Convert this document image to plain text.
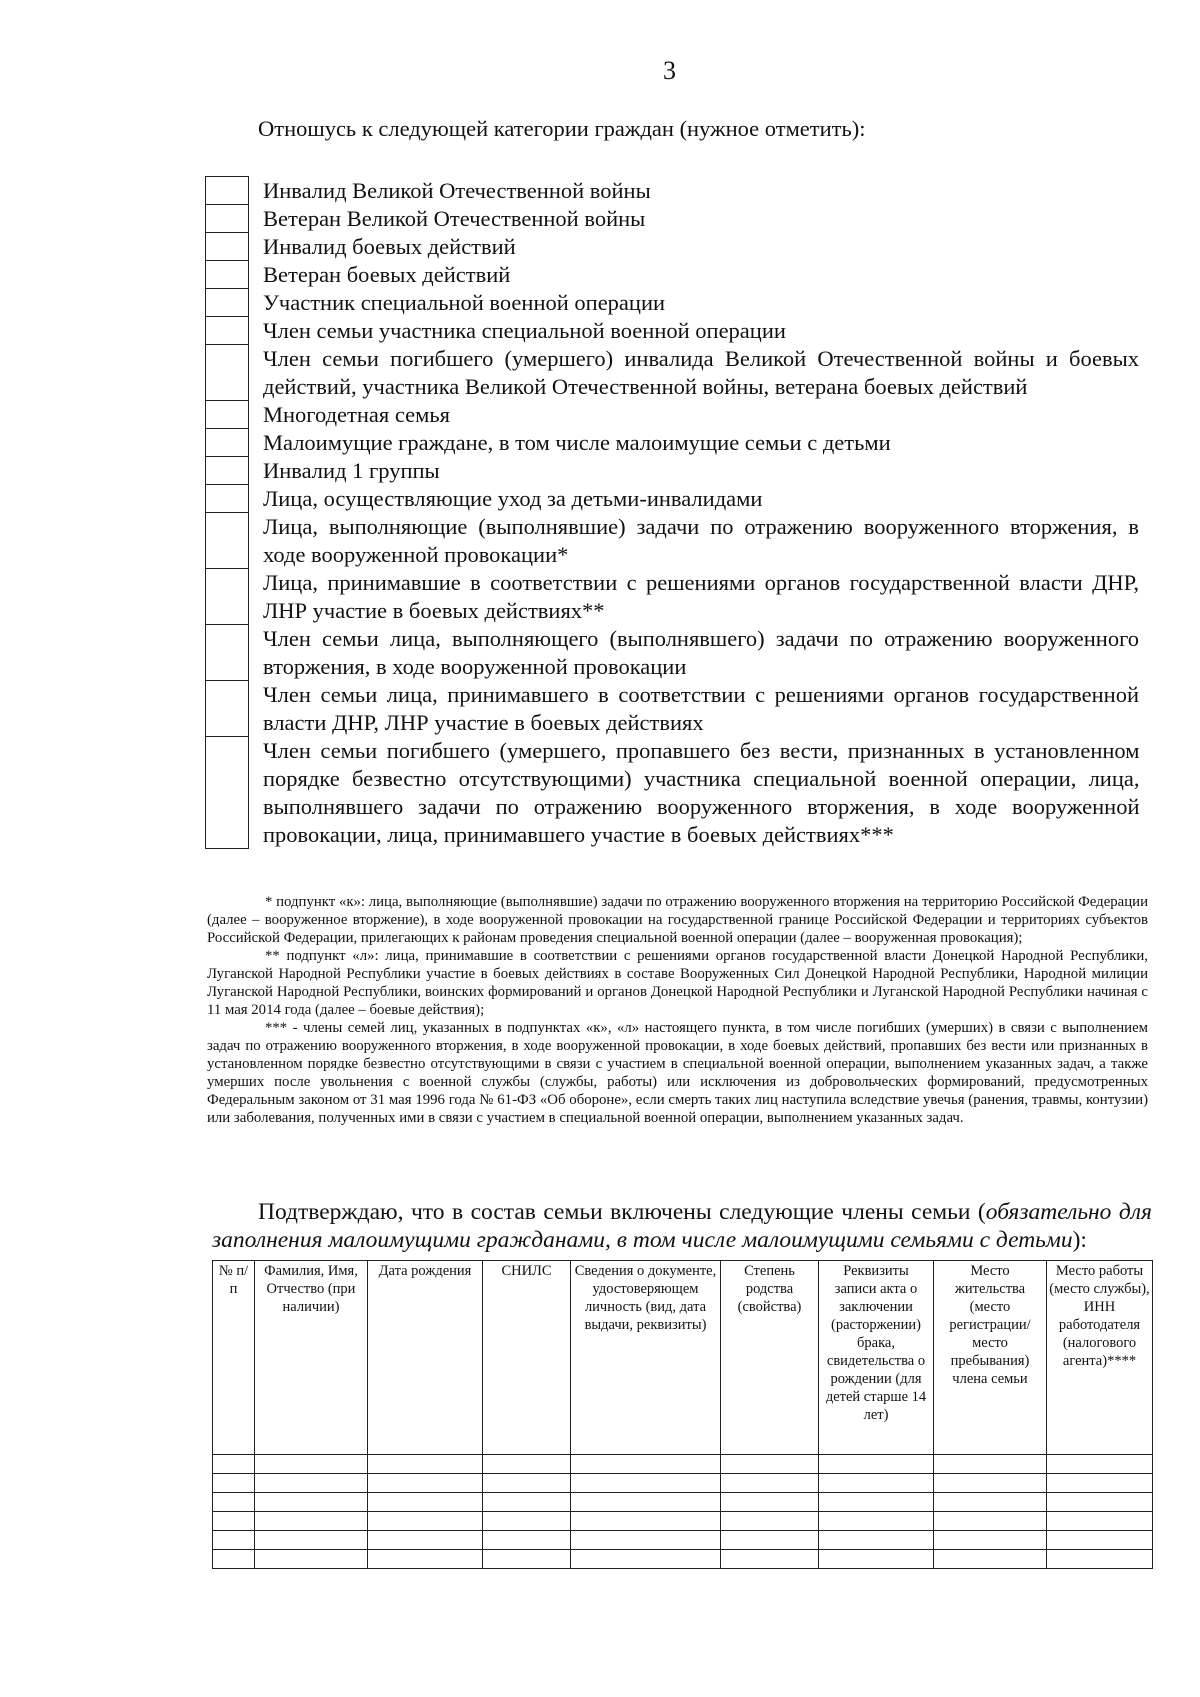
3
Отношусь к следующей категории граждан (нужное отметить):
	Инвалид Великой Отечественной войны
	Ветеран Великой Отечественной войны
	Инвалид боевых действий
	Ветеран боевых действий
	Участник специальной военной операции
	Член семьи участника специальной военной операции
	Член семьи погибшего (умершего) инвалида Великой Отечественной войны и боевых действий, участника Великой Отечественной войны, ветерана боевых действий
	Многодетная семья
	Малоимущие граждане, в том числе малоимущие семьи с детьми
	Инвалид 1 группы
	Лица, осуществляющие уход за детьми-инвалидами
	Лица, выполняющие (выполнявшие) задачи по отражению вооруженного вторжения, в ходе вооруженной провокации*
	Лица, принимавшие в соответствии с решениями органов государственной власти ДНР, ЛНР участие в боевых действиях**
	Член семьи лица, выполняющего (выполнявшего) задачи по отражению вооруженного вторжения, в ходе вооруженной провокации
	Член семьи лица, принимавшего в соответствии с решениями органов государственной власти ДНР, ЛНР участие в боевых действиях
	Член семьи погибшего (умершего, пропавшего без вести, признанных в установленном порядке безвестно отсутствующими) участника специальной военной операции, лица, выполнявшего задачи по отражению вооруженного вторжения, в ходе вооруженной провокации, лица, принимавшего участие в боевых действиях***

* подпункт «к»: лица, выполняющие (выполнявшие) задачи по отражению вооруженного вторжения на территорию Российской Федерации (далее – вооруженное вторжение), в ходе вооруженной провокации на государственной границе Российской Федерации и территориях субъектов Российской Федерации, прилегающих к районам проведения специальной военной операции (далее – вооруженная провокация);

** подпункт «л»: лица, принимавшие в соответствии с решениями органов государственной власти Донецкой Народной Республики, Луганской Народной Республики участие в боевых действиях в составе Вооруженных Сил Донецкой Народной Республики, Народной милиции Луганской Народной Республики, воинских формирований и органов Донецкой Народной Республики и Луганской Народной Республики начиная с 11 мая 2014 года (далее – боевые действия);

*** - члены семей лиц, указанных в подпунктах «к», «л» настоящего пункта, в том числе погибших (умерших) в связи с выполнением задач по отражению вооруженного вторжения, в ходе вооруженной провокации, в ходе боевых действий, пропавших без вести или признанных в установленном порядке безвестно отсутствующими в связи с участием в специальной военной операции, выполнением указанных задач, а также умерших после увольнения с военной службы (службы, работы) или исключения из добровольческих формирований, предусмотренных Федеральным законом от 31 мая 1996 года № 61-ФЗ «Об обороне», если смерть таких лиц наступила вследствие увечья (ранения, травмы, контузии) или заболевания, полученных ими в связи с участием в специальной военной операции, выполнением указанных задач.

Подтверждаю, что в состав семьи включены следующие члены семьи (обязательно для заполнения малоимущими гражданами, в том числе малоимущими семьями с детьми):
№ п/ п	Фамилия, Имя, Отчество (при наличии)	Дата рождения	СНИЛС	Сведения о документе, удостоверяющем личность (вид, дата выдачи, реквизиты)	Степень родства (свойства)	Реквизиты записи акта о заключении (расторжении) брака, свидетельства о рождении (для детей старше 14 лет)	Место жительства (место регистрации/ место пребывания) члена семьи	Место работы (место службы), ИНН работодателя (налогового агента)****
